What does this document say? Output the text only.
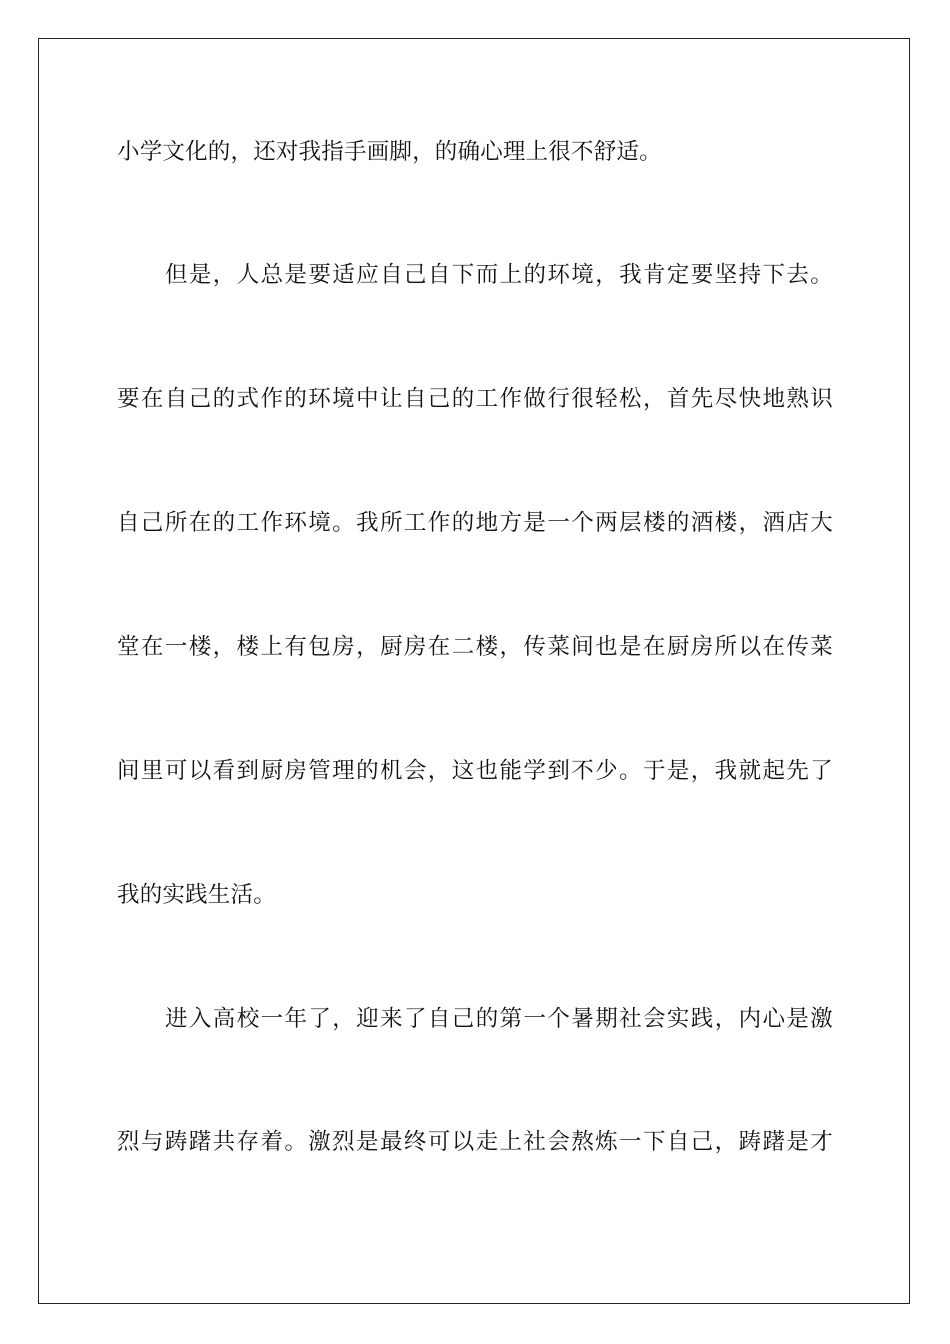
小学文化的，还对我指手画脚，的确心理上很不舒适。
但是，人总是要适应自己自下而上的环境，我肯定要坚持下去。
要在自己的式作的环境中让自己的工作做行很轻松，首先尽快地熟识
自己所在的工作环境。我所工作的地方是一个两层楼的酒楼，酒店大
堂在一楼，楼上有包房，厨房在二楼，传菜间也是在厨房所以在传菜
间里可以看到厨房管理的机会，这也能学到不少。于是，我就起先了
我的实践生活。
进入高校一年了，迎来了自己的第一个暑期社会实践，内心是激
烈与踌躇共存着。激烈是最终可以走上社会熬炼一下自己，踌躇是才
